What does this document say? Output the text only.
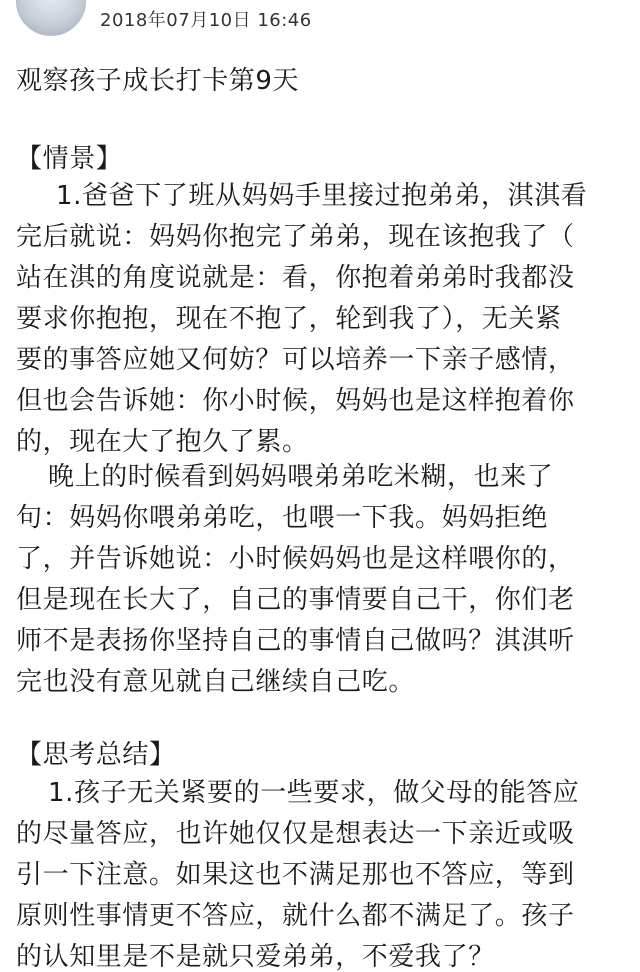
2018年07月10日 16:46
观察孩子成长打卡第9天
【情景】
1.爸爸下了班从妈妈手里接过抱弟弟，淇淇看
完后就说：妈妈你抱完了弟弟，现在该抱我了（
站在淇的角度说就是：看，你抱着弟弟时我都没
要求你抱抱，现在不抱了，轮到我了），无关紧
要的事答应她又何妨？可以培养一下亲子感情，
但也会告诉她：你小时候，妈妈也是这样抱着你
的，现在大了抱久了累。
晚上的时候看到妈妈喂弟弟吃米糊，也来了
句：妈妈你喂弟弟吃，也喂一下我。妈妈拒绝
了，并告诉她说：小时候妈妈也是这样喂你的，
但是现在长大了，自己的事情要自己干，你们老
师不是表扬你坚持自己的事情自己做吗？淇淇听
完也没有意见就自己继续自己吃。
【思考总结】
1.孩子无关紧要的一些要求，做父母的能答应
的尽量答应，也许她仅仅是想表达一下亲近或吸
引一下注意。如果这也不满足那也不答应，等到
原则性事情更不答应，就什么都不满足了。孩子
的认知里是不是就只爱弟弟，不爱我了？
